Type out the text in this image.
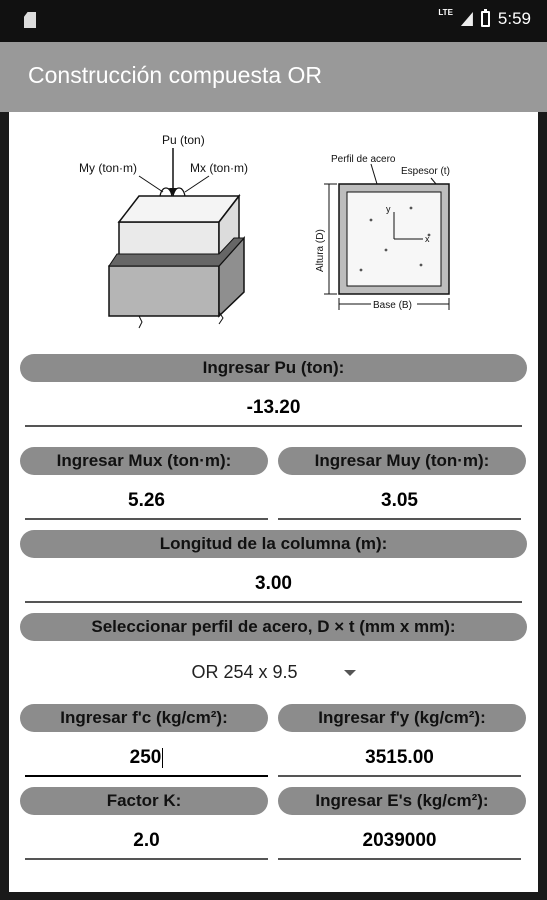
LTE	5:59
Construcción compuesta OR
Pu (ton)
My (ton·m)	Mx (ton·m)
Perfil de acero
Espesor (t)
y
x
Altura (D)
Base (B)
Ingresar Pu (ton):
-13.20
Ingresar Mux (ton·m):	Ingresar Muy (ton·m):
5.26	3.05
Longitud de la columna (m):
3.00
Seleccionar perfil de acero, D × t (mm x mm):
OR 254 x 9.5
Ingresar f'c (kg/cm²):	Ingresar f'y (kg/cm²):
250	3515.00
Factor K:	Ingresar E's (kg/cm²):
2.0	2039000
